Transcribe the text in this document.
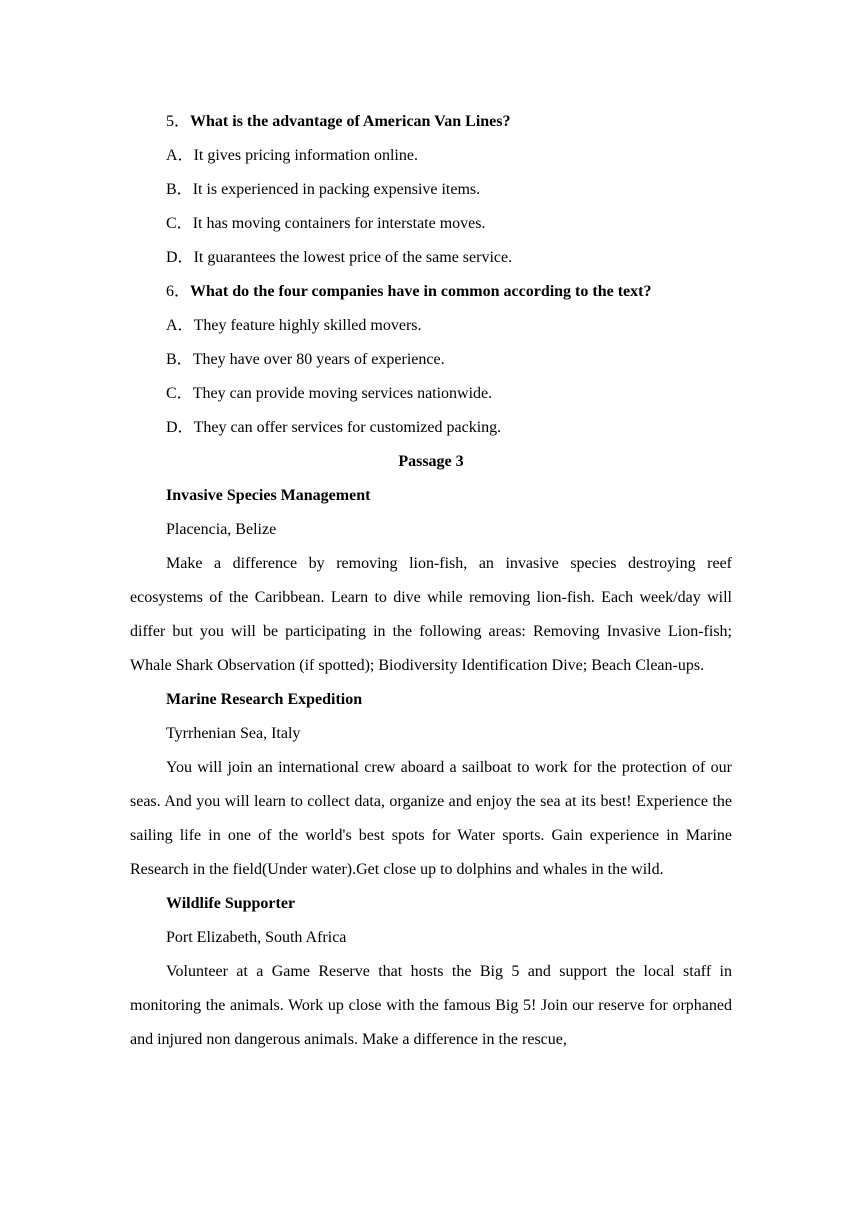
5．What is the advantage of American Van Lines?
A．It gives pricing information online.
B．It is experienced in packing expensive items.
C．It has moving containers for interstate moves.
D．It guarantees the lowest price of the same service.
6．What do the four companies have in common according to the text?
A．They feature highly skilled movers.
B．They have over 80 years of experience.
C．They can provide moving services nationwide.
D．They can offer services for customized packing.
Passage 3
Invasive Species Management
Placencia, Belize

Make a difference by removing lion-fish, an invasive species destroying reef ecosystems of the Caribbean. Learn to dive while removing lion-fish. Each week/day will differ but you will be participating in the following areas: Removing Invasive Lion-fish; Whale Shark Observation (if spotted); Biodiversity Identification Dive; Beach Clean-ups.

Marine Research Expedition
Tyrrhenian Sea, Italy

You will join an international crew aboard a sailboat to work for the protection of our seas. And you will learn to collect data, organize and enjoy the sea at its best! Experience the sailing life in one of the world's best spots for Water sports. Gain experience in Marine Research in the field(Under water).Get close up to dolphins and whales in the wild.

Wildlife Supporter
Port Elizabeth, South Africa

Volunteer at a Game Reserve that hosts the Big 5 and support the local staff in monitoring the animals. Work up close with the famous Big 5! Join our reserve for orphaned and injured non dangerous animals. Make a difference in the rescue,
